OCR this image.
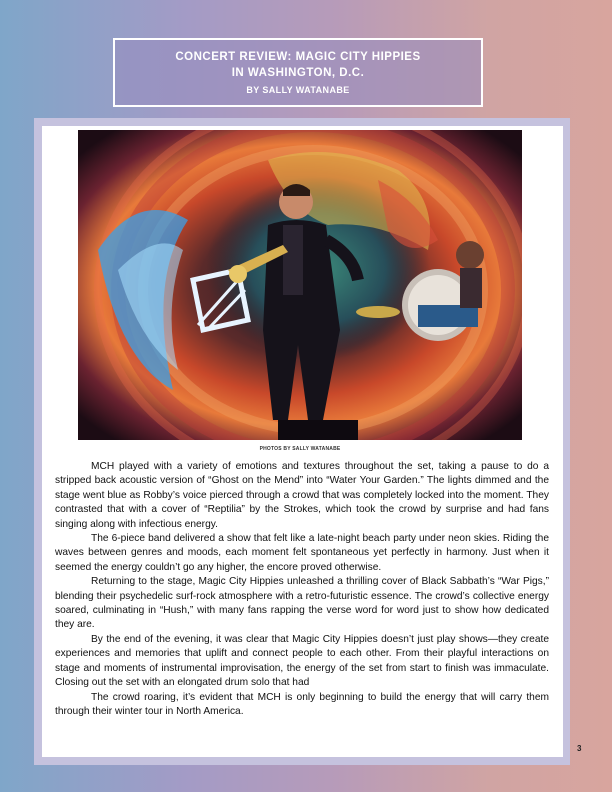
CONCERT REVIEW: MAGIC CITY HIPPIES
IN WASHINGTON, D.C.
BY SALLY WATANABE
PHOTOS BY SALLY WATANABE

MCH played with a variety of emotions and textures throughout the set, taking a pause to do a stripped back acoustic version of “Ghost on the Mend” into “Water Your Garden.” The lights dimmed and the stage went blue as Robby’s voice pierced through a crowd that was completely locked into the moment. They contrasted that with a cover of “Reptilia” by the Strokes, which took the crowd by surprise and had fans singing along with infectious energy.

The 6-piece band delivered a show that felt like a late-night beach party under neon skies. Riding the waves between genres and moods, each moment felt spontaneous yet perfectly in harmony. Just when it seemed the energy couldn’t go any higher, the encore proved otherwise.

Returning to the stage, Magic City Hippies unleashed a thrilling cover of Black Sabbath’s “War Pigs,” blending their psychedelic surf-rock atmosphere with a retro-futuristic essence. The crowd’s collective energy soared, culminating in “Hush,” with many fans rapping the verse word for word just to show how dedicated they are.

By the end of the evening, it was clear that Magic City Hippies doesn’t just play shows—they create experiences and memories that uplift and connect people to each other. From their playful interactions on stage and moments of instrumental improvisation, the energy of the set from start to finish was immaculate. Closing out the set with an elongated drum solo that had

The crowd roaring, it’s evident that MCH is only beginning to build the energy that will carry them through their winter tour in North America.

3
